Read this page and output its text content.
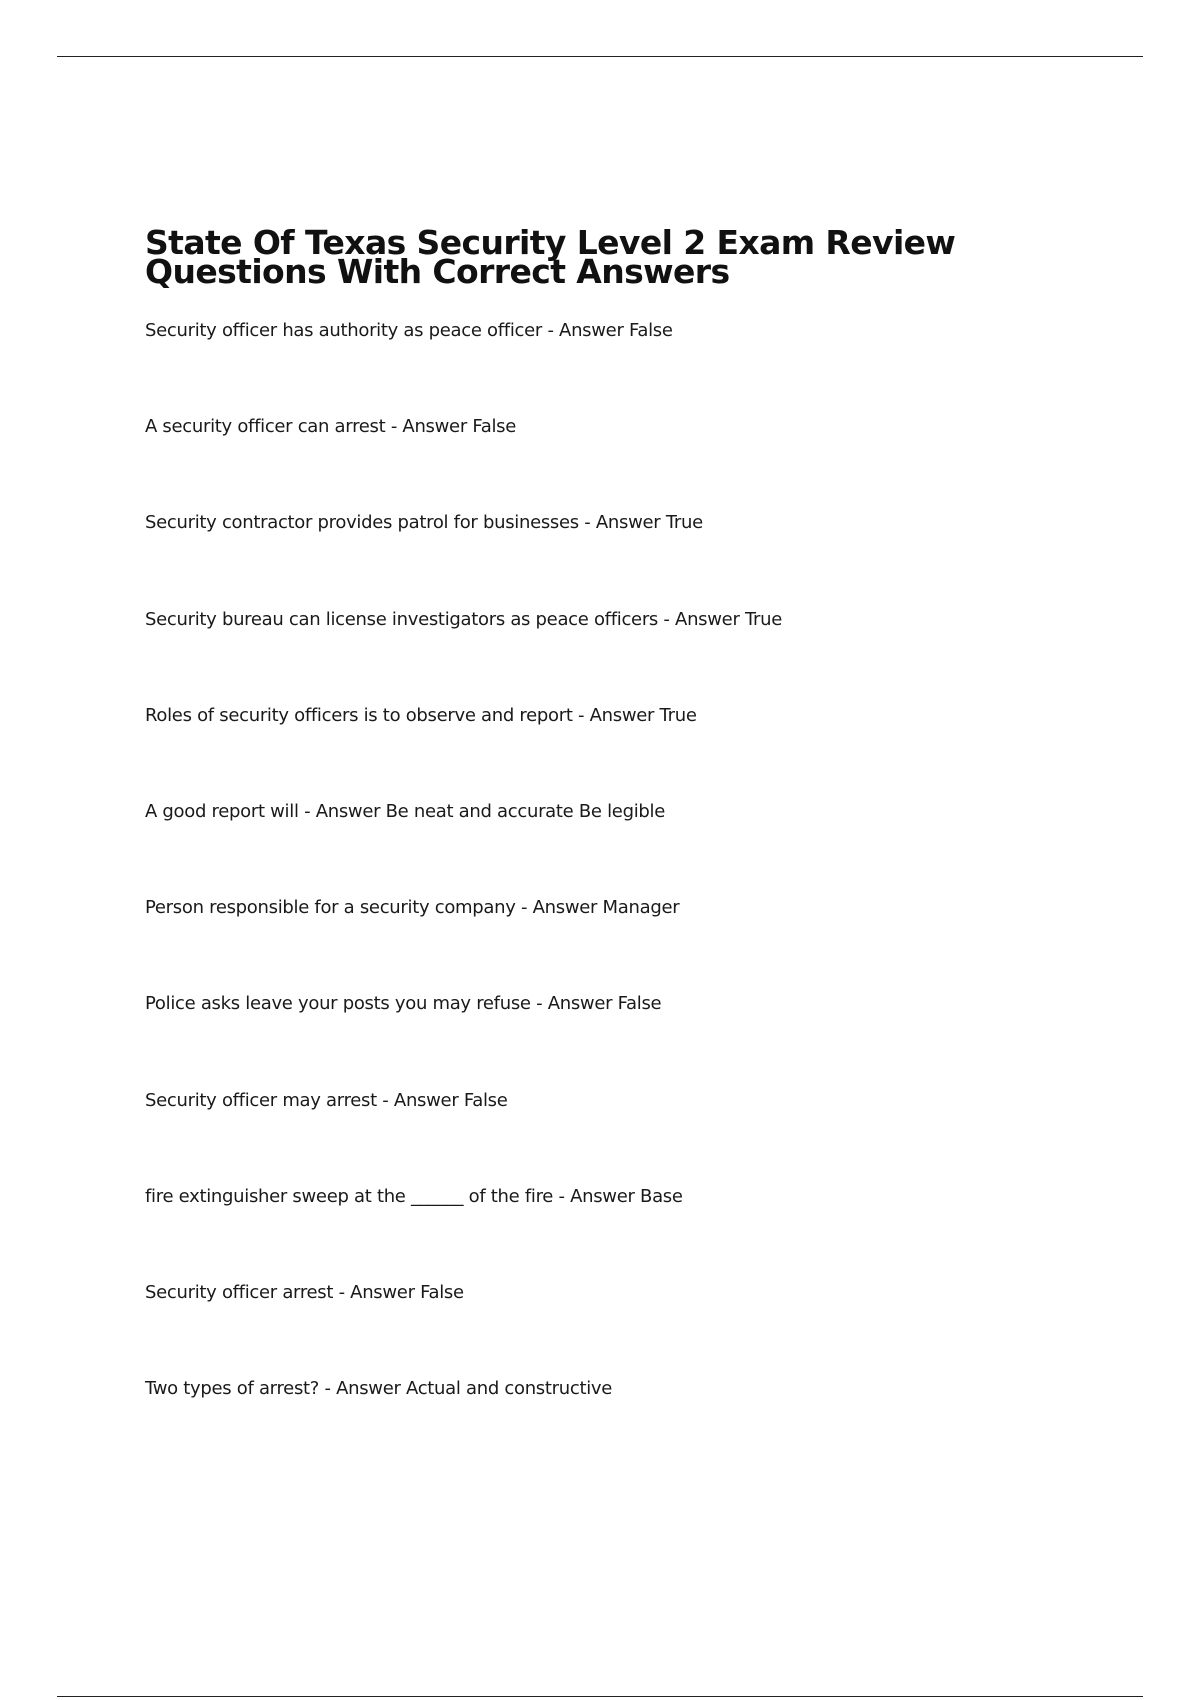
State Of Texas Security Level 2 Exam Review Questions With Correct Answers
Security officer has authority as peace officer - Answer False
A security officer can arrest - Answer False
Security contractor provides patrol for businesses - Answer True
Security bureau can license investigators as peace officers - Answer True
Roles of security officers is to observe and report - Answer True
A good report will - Answer Be neat and accurate Be legible
Person responsible for a security company - Answer Manager
Police asks leave your posts you may refuse - Answer False
Security officer may arrest - Answer False
fire extinguisher sweep at the ______ of the fire - Answer Base
Security officer arrest - Answer False
Two types of arrest? - Answer Actual and constructive
